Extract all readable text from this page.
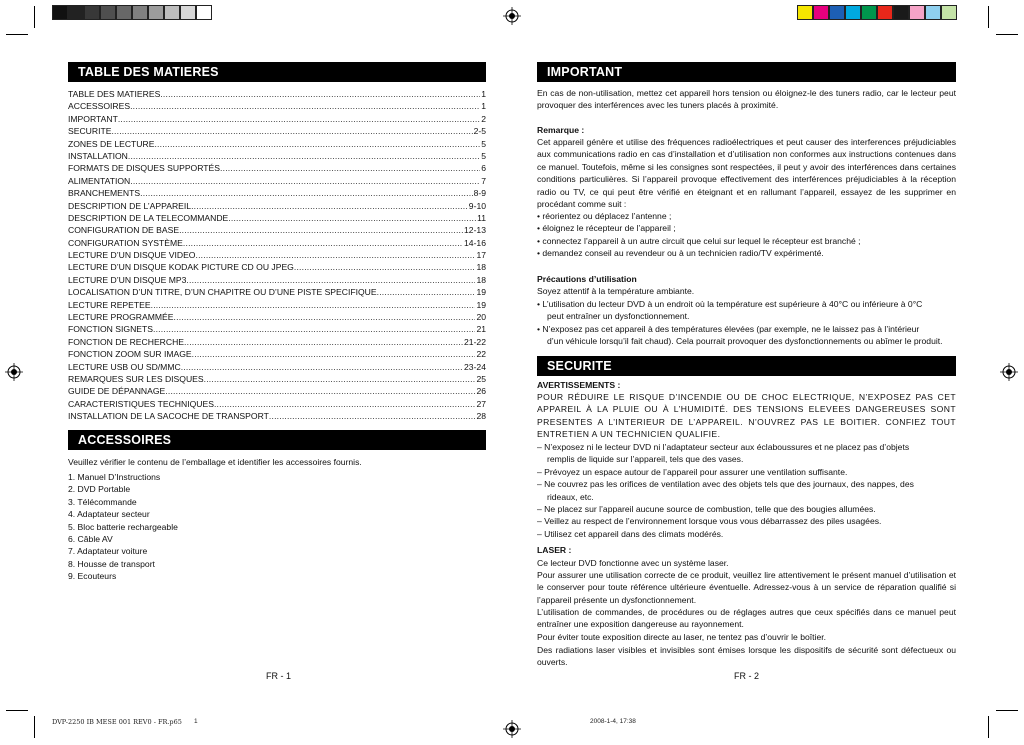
TABLE DES MATIERES
TABLE DES MATIERES .....	1
ACCESSOIRES .....	1
IMPORTANT .....	2
SECURITE .....	2-5
ZONES DE LECTURE .....	5
INSTALLATION .....	5
FORMATS DE DISQUES SUPPORTÉS .....	6
ALIMENTATION .....	7
BRANCHEMENTS .....	8-9
DESCRIPTION DE L’APPAREIL .....	9-10
DESCRIPTION DE LA TELECOMMANDE .....	11
CONFIGURATION DE BASE .....	12-13
CONFIGURATION SYSTÈME .....	14-16
LECTURE D’UN DISQUE VIDEO .....	17
LECTURE D’UN DISQUE KODAK PICTURE CD OU JPEG .....	18
LECTURE D’UN DISQUE MP3 .....	18
LOCALISATION D’UN TITRE, D’UN CHAPITRE OU D’UNE PISTE SPECIFIQUE .....	19
LECTURE REPETEE .....	19
LECTURE PROGRAMMÉE .....	20
FONCTION SIGNETS .....	21
FONCTION DE RECHERCHE .....	21-22
FONCTION ZOOM SUR IMAGE .....	22
LECTURE USB OU SD/MMC .....	23-24
REMARQUES SUR LES DISQUES .....	25
GUIDE DE DÉPANNAGE .....	26
CARACTERISTIQUES TECHNIQUES .....	27
INSTALLATION DE LA SACOCHE DE TRANSPORT .....	28
ACCESSOIRES
Veuillez vérifier le contenu de l’emballage et identifier les accessoires fournis.
1. Manuel D’Instructions
2. DVD Portable
3. Télécommande
4. Adaptateur secteur
5. Bloc batterie rechargeable
6. Câble AV
7. Adaptateur voiture
8. Housse de transport
9. Ecouteurs
FR - 1
IMPORTANT
En cas de non-utilisation, mettez cet appareil hors tension ou éloignez-le des tuners radio, car le lecteur peut provoquer des interférences avec les tuners placés à proximité.
Remarque :
Cet appareil génère et utilise des fréquences radioélectriques et peut causer des interferences préjudiciables aux communications radio en cas d’installation et d’utilisation non conformes aux instructions contenues dans ce manuel. Toutefois, même si les consignes sont respectées, il peut y avoir des interférences dans certaines conditions particulières. Si l’appareil provoque effectivement des interférences préjudiciables à la réception radio ou TV, ce qui peut être vérifié en éteignant et en rallumant l’appareil, essayez de les supprimer en procédant comme suit :
• réorientez ou déplacez l’antenne ;
• éloignez le récepteur de l’appareil ;
• connectez l’appareil à un autre circuit que celui sur lequel le récepteur est branché ;
• demandez conseil au revendeur ou à un technicien radio/TV expérimenté.
Précautions d’utilisation
Soyez attentif à la température ambiante.
• L’utilisation du lecteur DVD à un endroit où la température est supérieure à 40°C ou inférieure à 0°C
peut entraîner un dysfonctionnement.
• N’exposez pas cet appareil à des températures élevées (par exemple, ne le laissez pas à l’intérieur
d’un véhicule lorsqu’il fait chaud). Cela pourrait provoquer des dysfonctionnements ou abîmer le produit.
SECURITE
AVERTISSEMENTS :
POUR RÉDUIRE LE RISQUE D’INCENDIE OU DE CHOC ELECTRIQUE, N’EXPOSEZ PAS CET APPAREIL À LA PLUIE OU À L’HUMIDITÉ. DES TENSIONS ELEVEES DANGEREUSES SONT PRESENTES A L’INTERIEUR DE L’APPAREIL. N’OUVREZ PAS LE BOITIER. CONFIEZ TOUT ENTRETIEN A UN TECHNICIEN QUALIFIE.
– N’exposez ni le lecteur DVD ni l’adaptateur secteur aux éclaboussures et ne placez pas d’objets
remplis de liquide sur l’appareil, tels que des vases.
– Prévoyez un espace autour de l’appareil pour assurer une ventilation suffisante.
– Ne couvrez pas les orifices de ventilation avec des objets tels que des journaux, des nappes, des
rideaux, etc.
– Ne placez sur l’appareil aucune source de combustion, telle que des bougies allumées.
– Veillez au respect de l’environnement lorsque vous vous débarrassez des piles usagées.
– Utilisez cet appareil dans des climats modérés.
LASER :
Ce lecteur DVD fonctionne avec un système laser.
Pour assurer une utilisation correcte de ce produit, veuillez lire attentivement le présent manuel d’utilisation et le conserver pour toute référence ultérieure éventuelle. Adressez-vous à un service de réparation qualifié si l’appareil présente un dysfonctionnement.
L’utilisation de commandes, de procédures ou de réglages autres que ceux spécifiés dans ce manuel peut entraîner une exposition dangereuse au rayonnement.
Pour éviter toute exposition directe au laser, ne tentez pas d’ouvrir le boîtier.
Des radiations laser visibles et invisibles sont émises lorsque les dispositifs de sécurité sont défectueux ou ouverts.
FR - 2
DVP-2250 IB MESE 001 REV0 - FR.p65 1	2008-1-4, 17:38
